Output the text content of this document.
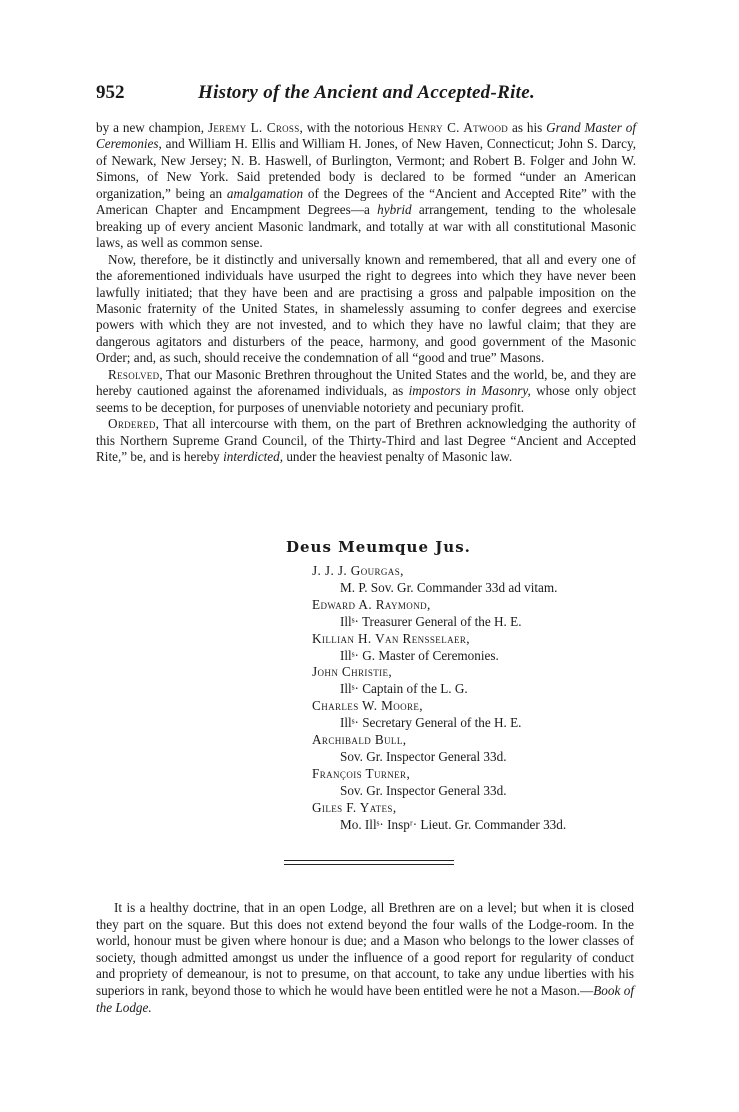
952	History of the Ancient and Accepted-Rite.

by a new champion, Jeremy L. Cross, with the notorious Henry C. Atwood as his Grand Master of Ceremonies, and William H. Ellis and William H. Jones, of New Haven, Connecticut; John S. Darcy, of Newark, New Jersey; N. B. Haswell, of Burlington, Vermont; and Robert B. Folger and John W. Simons, of New York. Said pretended body is declared to be formed “under an American organization,” being an amalgamation of the Degrees of the “Ancient and Accepted Rite” with the American Chapter and Encampment Degrees—a hybrid arrangement, tending to the wholesale breaking up of every ancient Masonic landmark, and totally at war with all constitutional Masonic laws, as well as common sense.

Now, therefore, be it distinctly and universally known and remembered, that all and every one of the aforementioned individuals have usurped the right to degrees into which they have never been lawfully initiated; that they have been and are practising a gross and palpable imposition on the Masonic fraternity of the United States, in shamelessly assuming to confer degrees and exercise powers with which they are not invested, and to which they have no lawful claim; that they are dangerous agitators and disturbers of the peace, harmony, and good government of the Masonic Order; and, as such, should receive the condemnation of all “good and true” Masons.

Resolved, That our Masonic Brethren throughout the United States and the world, be, and they are hereby cautioned against the aforenamed individuals, as impostors in Masonry, whose only object seems to be deception, for purposes of unenviable notoriety and pecuniary profit.

Ordered, That all intercourse with them, on the part of Brethren acknowledging the authority of this Northern Supreme Grand Council, of the Thirty-Third and last Degree “Ancient and Accepted Rite,” be, and is hereby interdicted, under the heaviest penalty of Masonic law.

Deus Meumque Jus.
J. J. J. Gourgas,
M. P. Sov. Gr. Commander 33d ad vitam.
Edward A. Raymond,
Illˢ· Treasurer General of the H. E.
Killian H. Van Rensselaer,
Illˢ· G. Master of Ceremonies.
John Christie,
Illˢ· Captain of the L. G.
Charles W. Moore,
Illˢ· Secretary General of the H. E.
Archibald Bull,
Sov. Gr. Inspector General 33d.
François Turner,
Sov. Gr. Inspector General 33d.
Giles F. Yates,
Mo. Illˢ· Inspʳ· Lieut. Gr. Commander 33d.

It is a healthy doctrine, that in an open Lodge, all Brethren are on a level; but when it is closed they part on the square. But this does not extend beyond the four walls of the Lodge-room. In the world, honour must be given where honour is due; and a Mason who belongs to the lower classes of society, though admitted amongst us under the influence of a good report for regularity of conduct and propriety of demeanour, is not to presume, on that account, to take any undue liberties with his superiors in rank, beyond those to which he would have been entitled were he not a Mason.—Book of the Lodge.
